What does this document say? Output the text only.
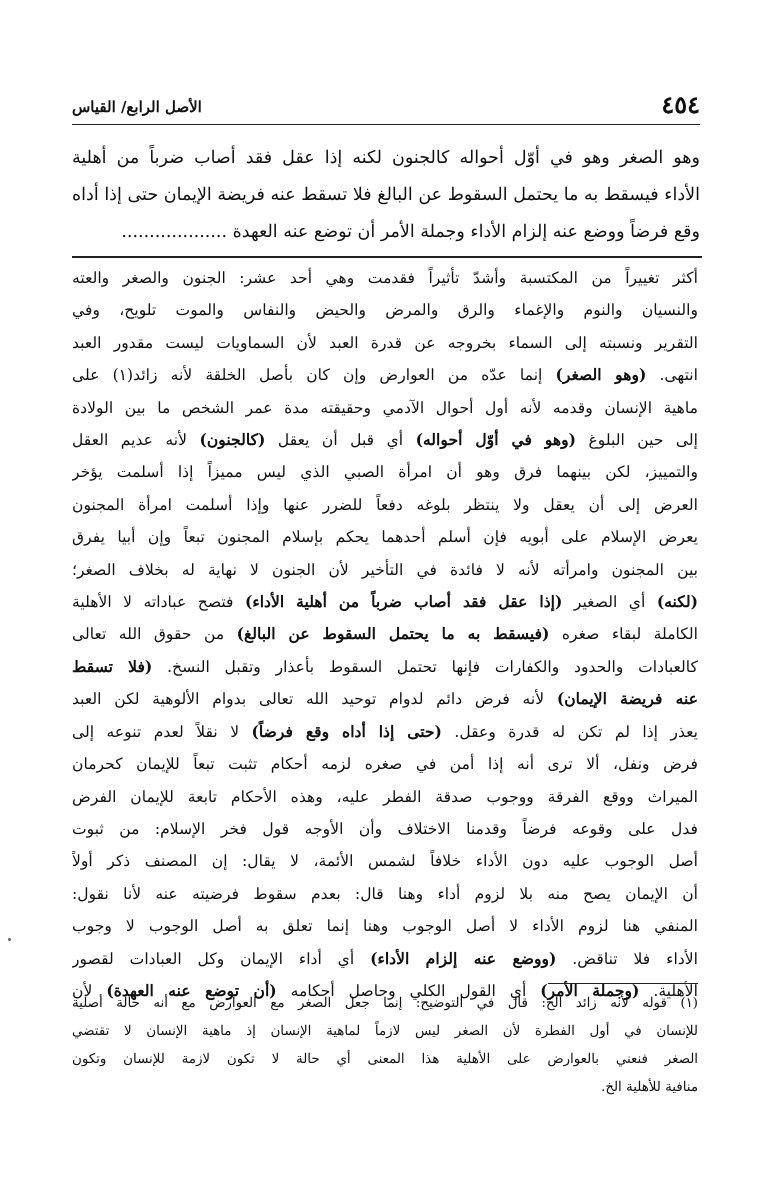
٤٥٤
الأصل الرابع/ القياس

وهو الصغر وهو في أوّل أحواله كالجنون لكنه إذا عقل فقد أصاب ضرباً من أهلية

الأداء فيسقط به ما يحتمل السقوط عن البالغ فلا تسقط عنه فريضة الإيمان حتى إذا أداه

وقع فرضاً ووضع عنه إلزام الأداء وجملة الأمر أن توضع عنه العهدة ...................

أكثر تغييراً من المكتسبة وأشدّ تأثيراً فقدمت وهي أحد عشر: الجنون والصغر والعته
والنسيان والنوم والإغماء والرق والمرض والحيض والنفاس والموت تلويح، وفي
التقرير ونسبته إلى السماء بخروجه عن قدرة العبد لأن السماويات ليست مقدور العبد
انتهى. (وهو الصغر) إنما عدّه من العوارض وإن كان بأصل الخلقة لأنه زائد(١) على
ماهية الإنسان وقدمه لأنه أول أحوال الآدمي وحقيقته مدة عمر الشخص ما بين الولادة
إلى حين البلوغ (وهو في أوّل أحواله) أي قبل أن يعقل (كالجنون) لأنه عديم العقل
والتمييز، لكن بينهما فرق وهو أن امرأة الصبي الذي ليس مميزاً إذا أسلمت يؤخر
العرض إلى أن يعقل ولا ينتظر بلوغه دفعاً للضرر عنها وإذا أسلمت امرأة المجنون
يعرض الإسلام على أبويه فإن أسلم أحدهما يحكم بإسلام المجنون تبعاً وإن أبيا يفرق
بين المجنون وامرأته لأنه لا فائدة في التأخير لأن الجنون لا نهاية له بخلاف الصغر؛
(لكنه) أي الصغير (إذا عقل فقد أصاب ضرباً من أهلية الأداء) فتصح عباداته لا الأهلية
الكاملة لبقاء صغره (فيسقط به ما يحتمل السقوط عن البالغ) من حقوق الله تعالى
كالعبادات والحدود والكفارات فإنها تحتمل السقوط بأعذار وتقبل النسخ. (فلا تسقط
عنه فريضة الإيمان) لأنه فرض دائم لدوام توحيد الله تعالى بدوام الألوهية لكن العبد
يعذر إذا لم تكن له قدرة وعقل. (حتى إذا أداه وقع فرضاً) لا نقلاً لعدم تنوعه إلى
فرض ونفل، ألا ترى أنه إذا أمن في صغره لزمه أحكام تثبت تبعاً للإيمان كحرمان
الميراث ووقع الفرقة ووجوب صدقة الفطر عليه، وهذه الأحكام تابعة للإيمان الفرض
فدل على وقوعه فرضاً وقدمنا الاختلاف وأن الأوجه قول فخر الإسلام: من ثبوت
أصل الوجوب عليه دون الأداء خلافاً لشمس الأئمة، لا يقال: إن المصنف ذكر أولاً
أن الإيمان يصح منه بلا لزوم أداء وهنا قال: بعدم سقوط فرضيته عنه لأنا نقول:
المنفي هنا لزوم الأداء لا أصل الوجوب وهنا إنما تعلق به أصل الوجوب لا وجوب
الأداء فلا تناقض. (ووضع عنه إلزام الأداء) أي أداء الإيمان وكل العبادات لقصور
الأهلية. (وجملة الأمر) أي القول الكلي وحاصل أحكامه (أن توضع عنه العهدة) لأن
(١) قوله لأنه زائد الخ: قال في التوضيح: إنما جعل الصغر مع العوارض مع أنه حالة أصلية
للإنسان في أول الفطرة لأن الصغر ليس لازماً لماهية الإنسان إذ ماهية الإنسان لا تقتضي
الصغر فنعني بالعوارض على الأهلية هذا المعنى أي حالة لا تكون لازمة للإنسان وتكون
منافية للأهلية الخ.
